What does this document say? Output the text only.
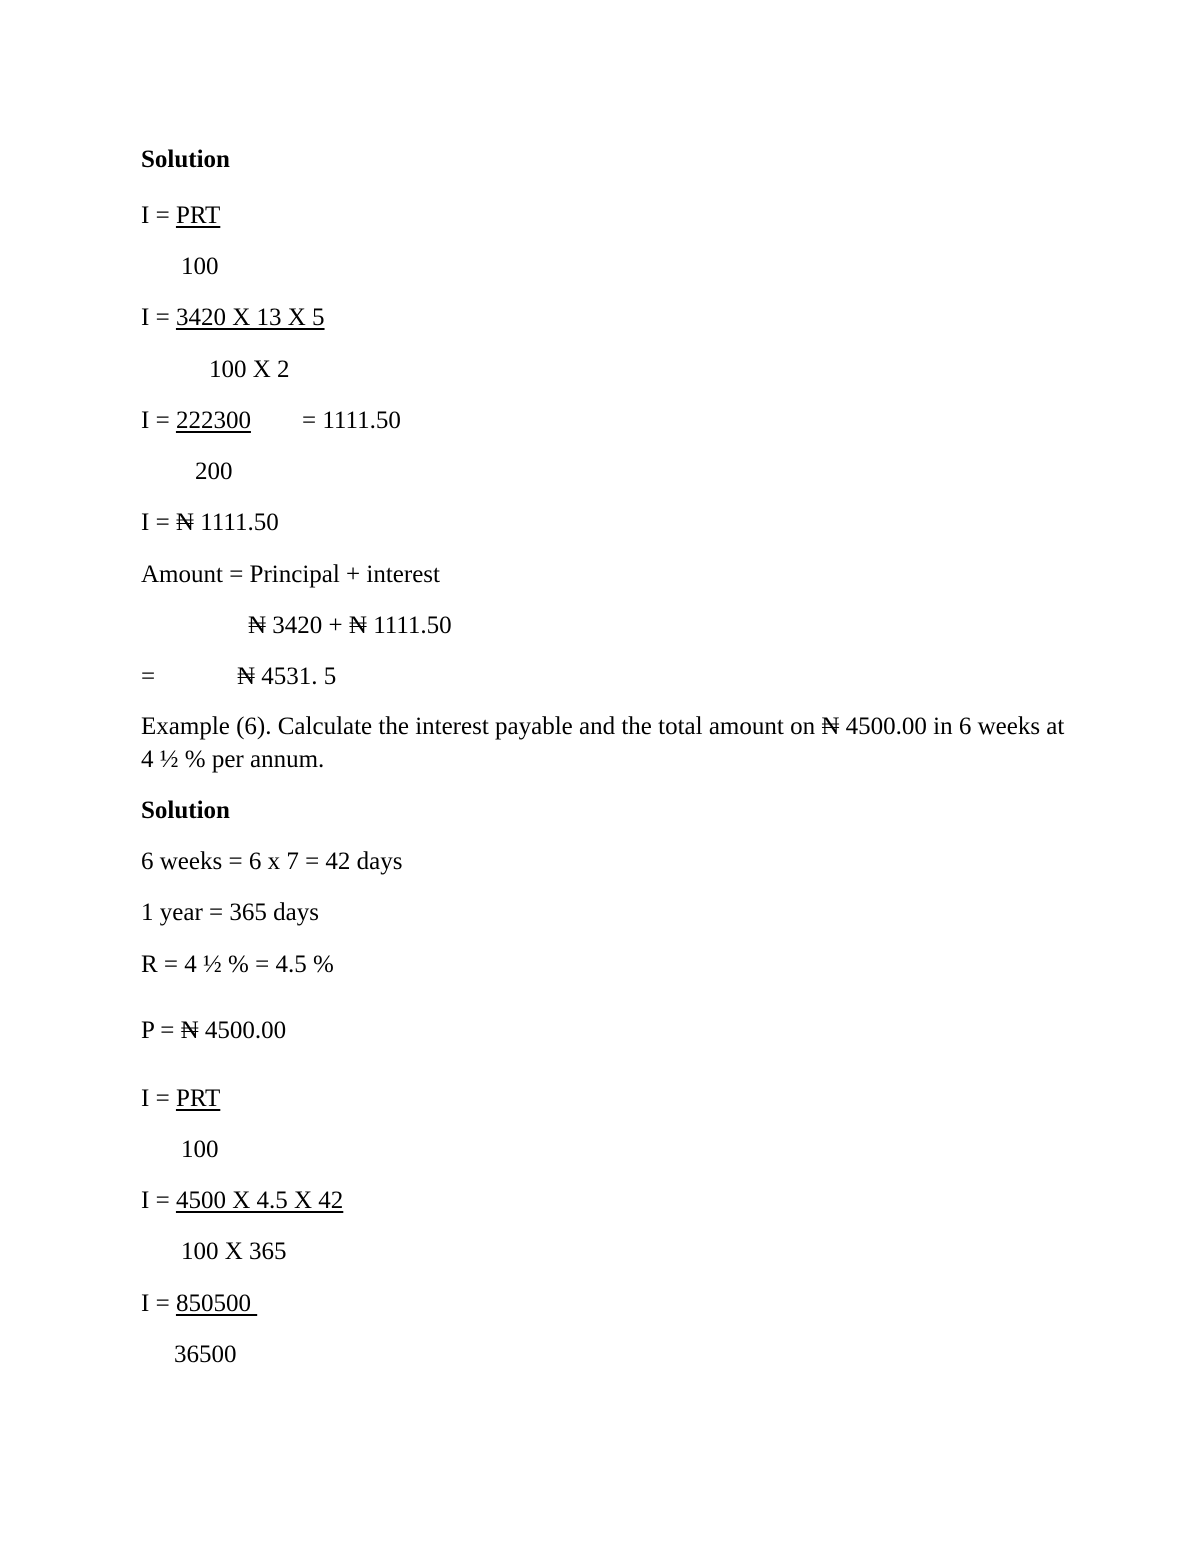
Solution
I = PRT
100
I = 3420 X 13 X 5
100 X 2
I = 222300 = 1111.50
200
I = ₦ 1111.50
Amount = Principal + interest
₦ 3420 + ₦ 1111.50
=	₦ 4531. 5
Example (6). Calculate the interest payable and the total amount on ₦ 4500.00 in 6 weeks at 4 ½ % per annum.
Solution
6 weeks = 6 x 7 = 42 days
1 year = 365 days
R = 4 ½ % = 4.5 %
P = ₦ 4500.00
I = PRT
100
I = 4500 X 4.5 X 42
100 X 365
I = 850500
36500
